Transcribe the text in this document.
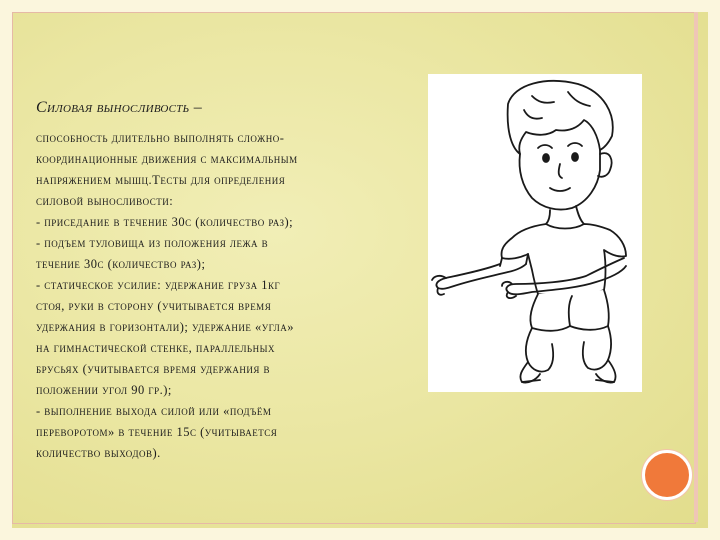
Силовая выносливость –
способность длительно выполнять сложно-
координационные движения с максимальным
напряжением мышц.Тесты для определения
силовой выносливости:
- приседание в течение 30с (количество раз);
- подъем туловища из положения лежа в
течение 30с (количество раз);
- статическое усилие: удержание груза 1кг
стоя, руки в сторону (учитывается время
удержания в горизонтали); удержание «угла»
на гимнастической стенке, параллельных
брусьях (учитывается время удержания в
положении угол 90 гр.);
- выполнение выхода силой или «подъём
переворотом» в течение 15с (учитывается
количество выходов).
